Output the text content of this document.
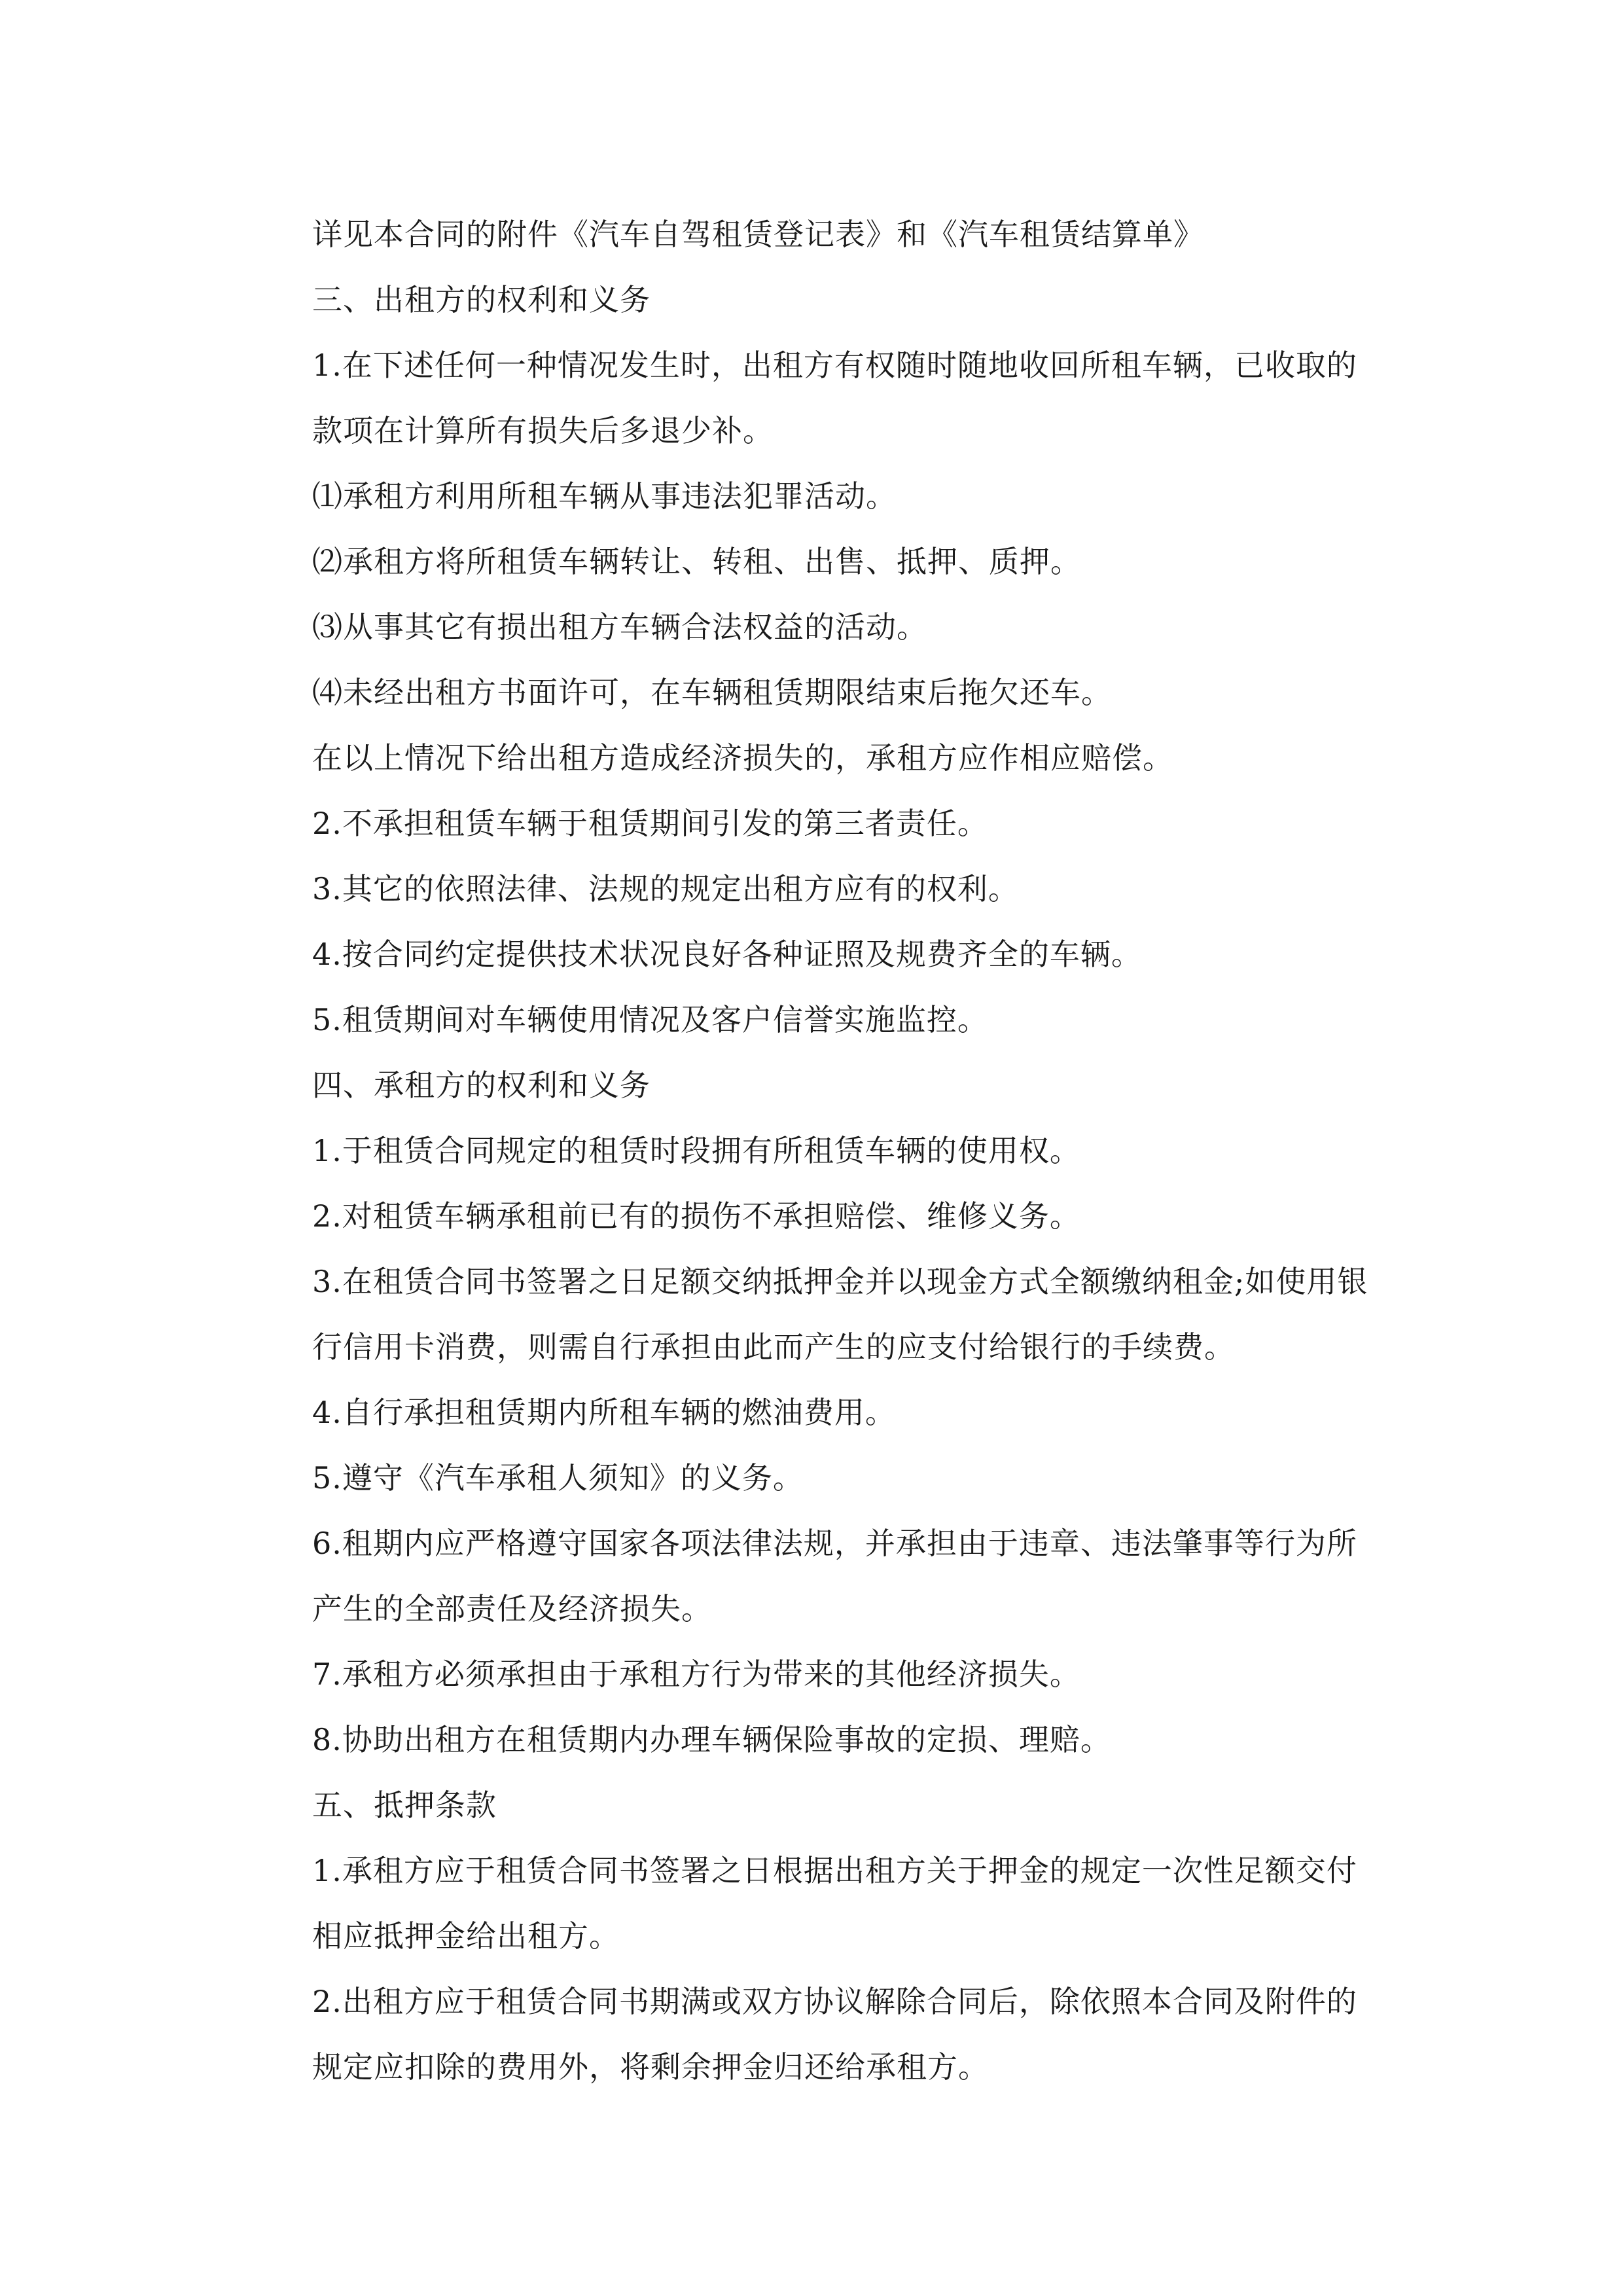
详见本合同的附件《汽车自驾租赁登记表》和《汽车租赁结算单》

三、出租方的权利和义务

1.在下述任何一种情况发生时，出租方有权随时随地收回所租车辆，已收取的款项在计算所有损失后多退少补。

⑴承租方利用所租车辆从事违法犯罪活动。

⑵承租方将所租赁车辆转让、转租、出售、抵押、质押。

⑶从事其它有损出租方车辆合法权益的活动。

⑷未经出租方书面许可，在车辆租赁期限结束后拖欠还车。

在以上情况下给出租方造成经济损失的，承租方应作相应赔偿。

2.不承担租赁车辆于租赁期间引发的第三者责任。

3.其它的依照法律、法规的规定出租方应有的权利。

4.按合同约定提供技术状况良好各种证照及规费齐全的车辆。

5.租赁期间对车辆使用情况及客户信誉实施监控。

四、承租方的权利和义务

1.于租赁合同规定的租赁时段拥有所租赁车辆的使用权。

2.对租赁车辆承租前已有的损伤不承担赔偿、维修义务。

3.在租赁合同书签署之日足额交纳抵押金并以现金方式全额缴纳租金;如使用银行信用卡消费，则需自行承担由此而产生的应支付给银行的手续费。

4.自行承担租赁期内所租车辆的燃油费用。

5.遵守《汽车承租人须知》的义务。

6.租期内应严格遵守国家各项法律法规，并承担由于违章、违法肇事等行为所产生的全部责任及经济损失。

7.承租方必须承担由于承租方行为带来的其他经济损失。

8.协助出租方在租赁期内办理车辆保险事故的定损、理赔。

五、抵押条款

1.承租方应于租赁合同书签署之日根据出租方关于押金的规定一次性足额交付相应抵押金给出租方。

2.出租方应于租赁合同书期满或双方协议解除合同后，除依照本合同及附件的规定应扣除的费用外，将剩余押金归还给承租方。
